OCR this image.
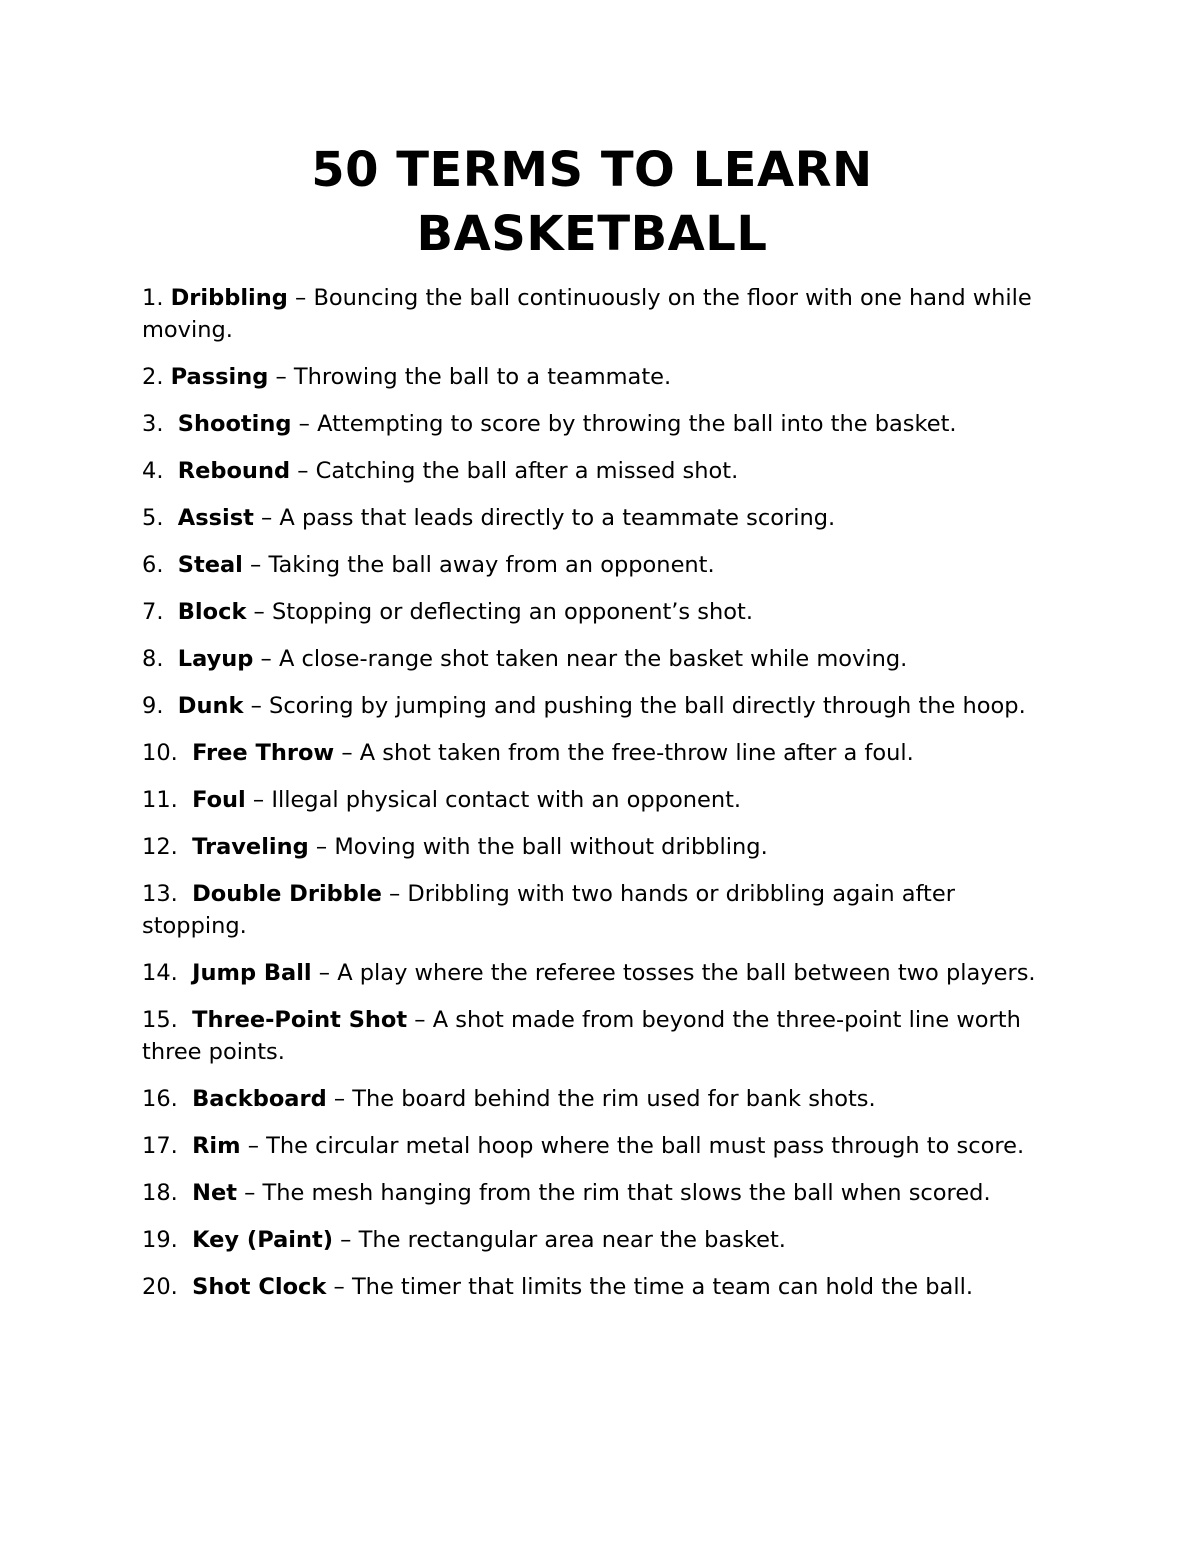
50 TERMS TO LEARN BASKETBALL
1. Dribbling – Bouncing the ball continuously on the floor with one hand while moving.
2. Passing – Throwing the ball to a teammate.
3. Shooting – Attempting to score by throwing the ball into the basket.
4. Rebound – Catching the ball after a missed shot.
5. Assist – A pass that leads directly to a teammate scoring.
6. Steal – Taking the ball away from an opponent.
7. Block – Stopping or deflecting an opponent’s shot.
8. Layup – A close-range shot taken near the basket while moving.
9. Dunk – Scoring by jumping and pushing the ball directly through the hoop.
10. Free Throw – A shot taken from the free-throw line after a foul.
11. Foul – Illegal physical contact with an opponent.
12. Traveling – Moving with the ball without dribbling.
13. Double Dribble – Dribbling with two hands or dribbling again after stopping.
14. Jump Ball – A play where the referee tosses the ball between two players.
15. Three-Point Shot – A shot made from beyond the three-point line worth three points.
16. Backboard – The board behind the rim used for bank shots.
17. Rim – The circular metal hoop where the ball must pass through to score.
18. Net – The mesh hanging from the rim that slows the ball when scored.
19. Key (Paint) – The rectangular area near the basket.
20. Shot Clock – The timer that limits the time a team can hold the ball.
